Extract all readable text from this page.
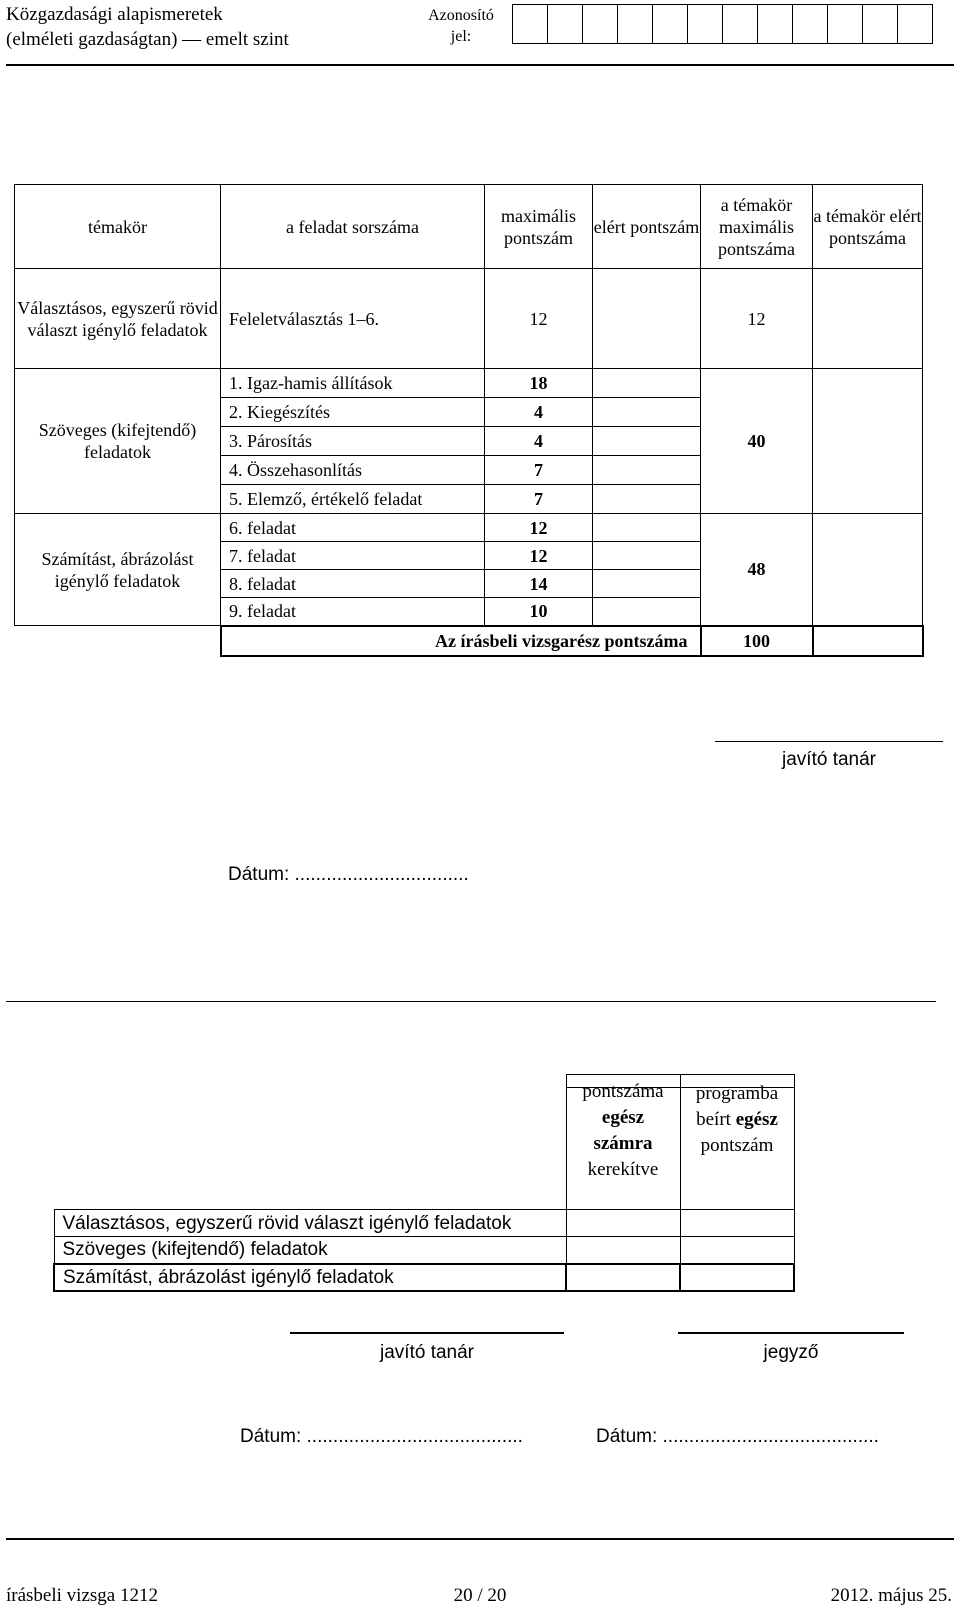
Közgazdasági alapismeretek
(elméleti gazdaságtan) — emelt szint
Azonosító
jel:
témakör	a feladat sorszáma	maximális pontszám	elért pontszám	a témakör maximális pontszáma	a témakör elért pontszáma
Választásos, egyszerű rövid választ igénylő feladatok	Feleletválasztás 1–6.	12		12	
Szöveges (kifejtendő) feladatok	1. Igaz-hamis állítások	18		40	
	2. Kiegészítés	4			
	3. Párosítás	4			
	4. Összehasonlítás	7			
	5. Elemző, értékelő feladat	7			
Számítást, ábrázolást igénylő feladatok	6. feladat	12		48	
	7. feladat	12			
	8. feladat	14			
	9. feladat	10			
	Az írásbeli vizsgarész pontszáma			100	
javító tanár
Dátum: .................................

	pontszáma
egész
számra
kerekítve	programba
beírt egész
pontszám

Választásos, egyszerű rövid választ igénylő feladatok		
Szöveges (kifejtendő) feladatok		
Számítást, ábrázolást igénylő feladatok		
javító tanár	jegyző
Dátum: .........................................	Dátum: .........................................
írásbeli vizsga 1212	20 / 20	2012. május 25.
